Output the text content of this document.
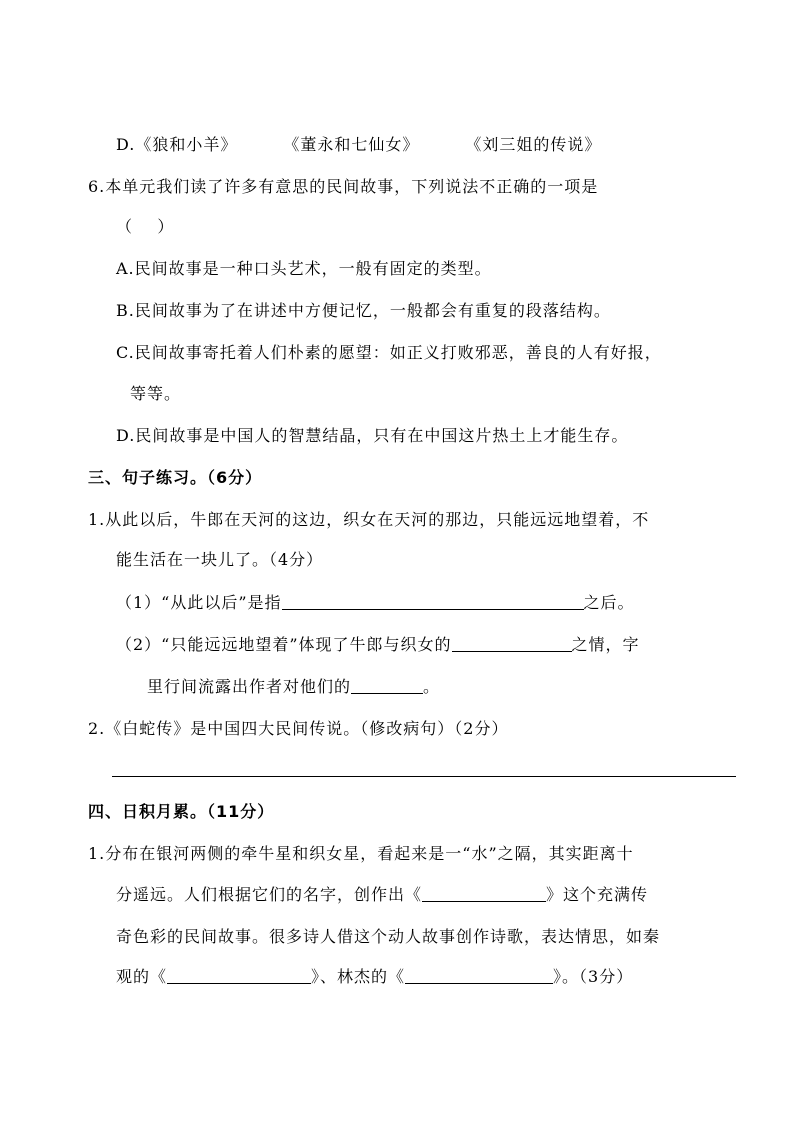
D.《狼和小羊》	《董永和七仙女》	《刘三姐的传说》
6.本单元我们读了许多有意思的民间故事，下列说法不正确的一项是
（    ）
A.民间故事是一种口头艺术，一般有固定的类型。
B.民间故事为了在讲述中方便记忆，一般都会有重复的段落结构。
C.民间故事寄托着人们朴素的愿望：如正义打败邪恶，善良的人有好报，
等等。
D.民间故事是中国人的智慧结晶，只有在中国这片热土上才能生存。
三、句子练习。（6分）
1.从此以后，牛郎在天河的这边，织女在天河的那边，只能远远地望着，不
能生活在一块儿了。（4分）
（1）“从此以后”是指	之后。
（2）“只能远远地望着”体现了牛郎与织女的	之情，字
里行间流露出作者对他们的	。
2.《白蛇传》是中国四大民间传说。（修改病句）（2分）
四、日积月累。（11分）
1.分布在银河两侧的牵牛星和织女星，看起来是一“水”之隔，其实距离十
分遥远。人们根据它们的名字，创作出《	》这个充满传
奇色彩的民间故事。很多诗人借这个动人故事创作诗歌，表达情思，如秦
观的《	》、林杰的《	》。（3分）
